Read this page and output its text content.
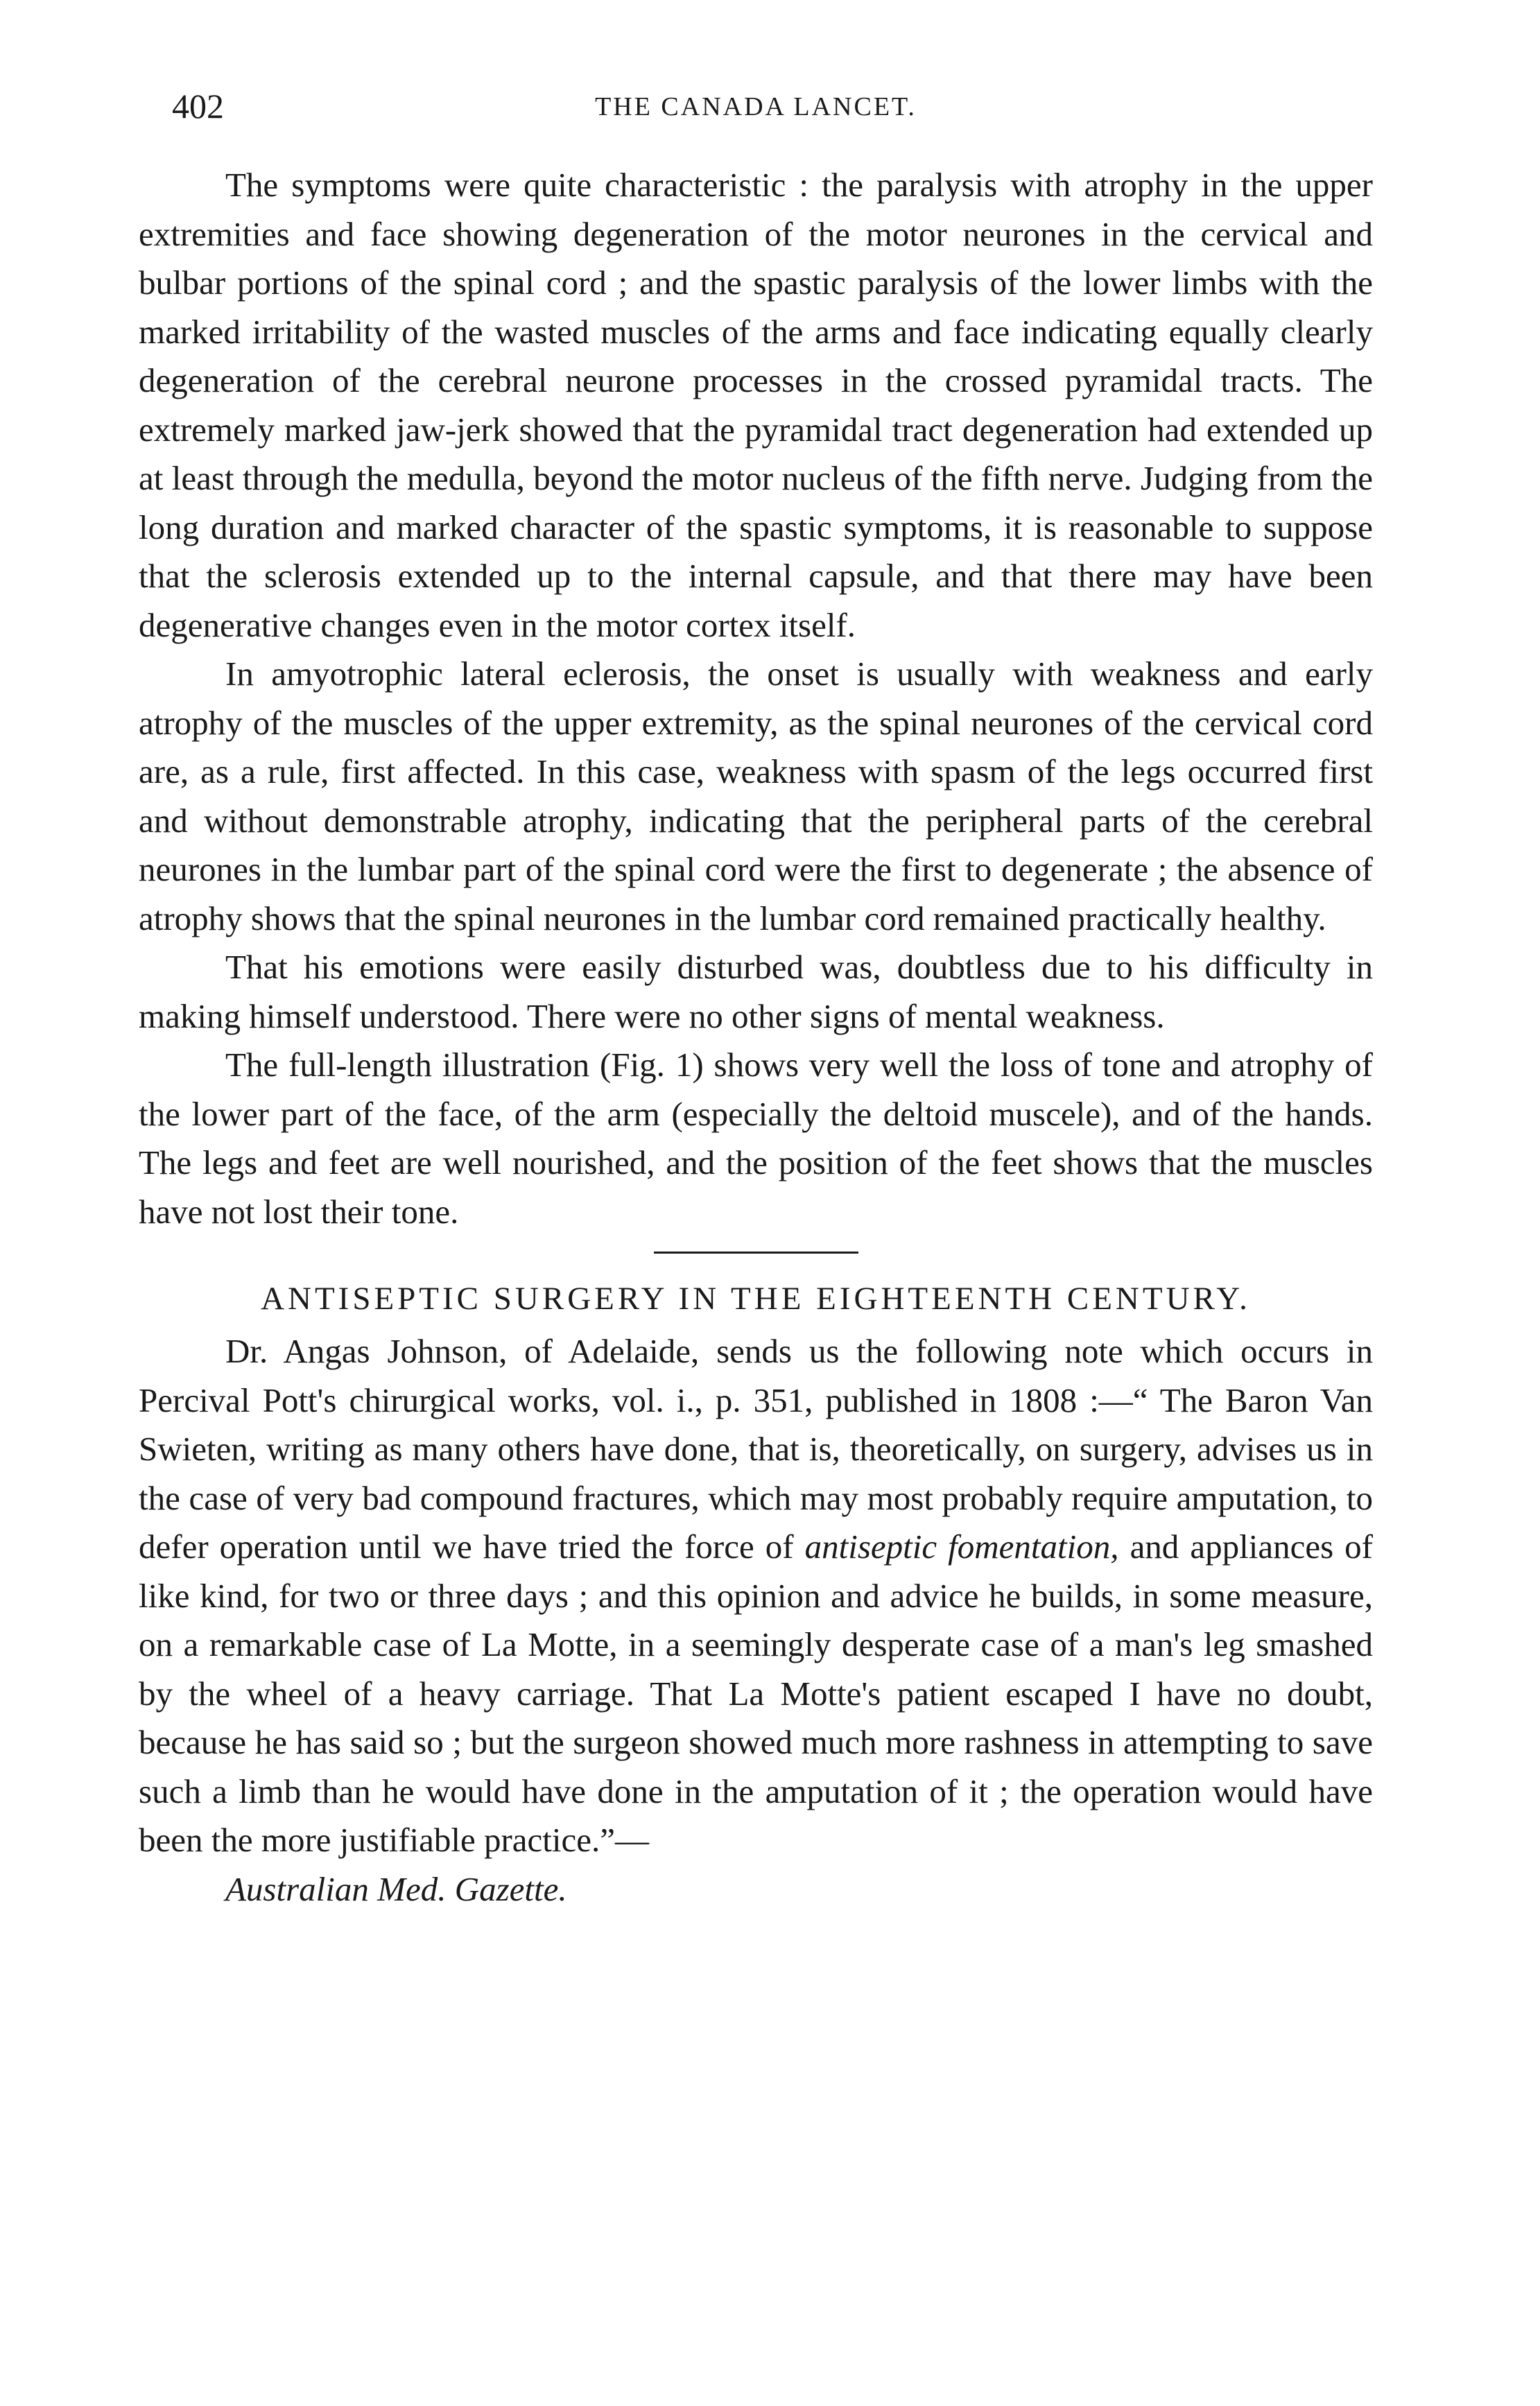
402	THE CANADA LANCET.

The symptoms were quite characteristic : the paralysis with atrophy in the upper extremities and face showing degeneration of the motor neurones in the cervical and bulbar portions of the spinal cord ; and the spastic paralysis of the lower limbs with the marked irritability of the wasted muscles of the arms and face indicating equally clearly degeneration of the cerebral neurone processes in the crossed pyramidal tracts. The extremely marked jaw-jerk showed that the pyramidal tract degeneration had extended up at least through the medulla, beyond the motor nucleus of the fifth nerve. Judging from the long duration and marked character of the spastic symptoms, it is reasonable to suppose that the sclerosis extended up to the internal capsule, and that there may have been degenerative changes even in the motor cortex itself.

In amyotrophic lateral eclerosis, the onset is usually with weakness and early atrophy of the muscles of the upper extremity, as the spinal neurones of the cervical cord are, as a rule, first affected. In this case, weakness with spasm of the legs occurred first and without demonstrable atrophy, indicating that the peripheral parts of the cerebral neurones in the lumbar part of the spinal cord were the first to degenerate ; the absence of atrophy shows that the spinal neurones in the lumbar cord remained practically healthy.

That his emotions were easily disturbed was, doubtless due to his difficulty in making himself understood. There were no other signs of mental weakness.

The full-length illustration (Fig. 1) shows very well the loss of tone and atrophy of the lower part of the face, of the arm (especially the deltoid muscele), and of the hands. The legs and feet are well nourished, and the position of the feet shows that the muscles have not lost their tone.

ANTISEPTIC SURGERY IN THE EIGHTEENTH CENTURY.

Dr. Angas Johnson, of Adelaide, sends us the following note which occurs in Percival Pott's chirurgical works, vol. i., p. 351, published in 1808 :—“ The Baron Van Swieten, writing as many others have done, that is, theoretically, on surgery, advises us in the case of very bad compound fractures, which may most probably require amputation, to defer operation until we have tried the force of antiseptic fomentation, and appliances of like kind, for two or three days ; and this opinion and advice he builds, in some measure, on a remarkable case of La Motte, in a seemingly desperate case of a man's leg smashed by the wheel of a heavy carriage. That La Motte's patient escaped I have no doubt, because he has said so ; but the surgeon showed much more rashness in attempting to save such a limb than he would have done in the amputation of it ; the operation would have been the more justifiable practice.”—

Australian Med. Gazette.
